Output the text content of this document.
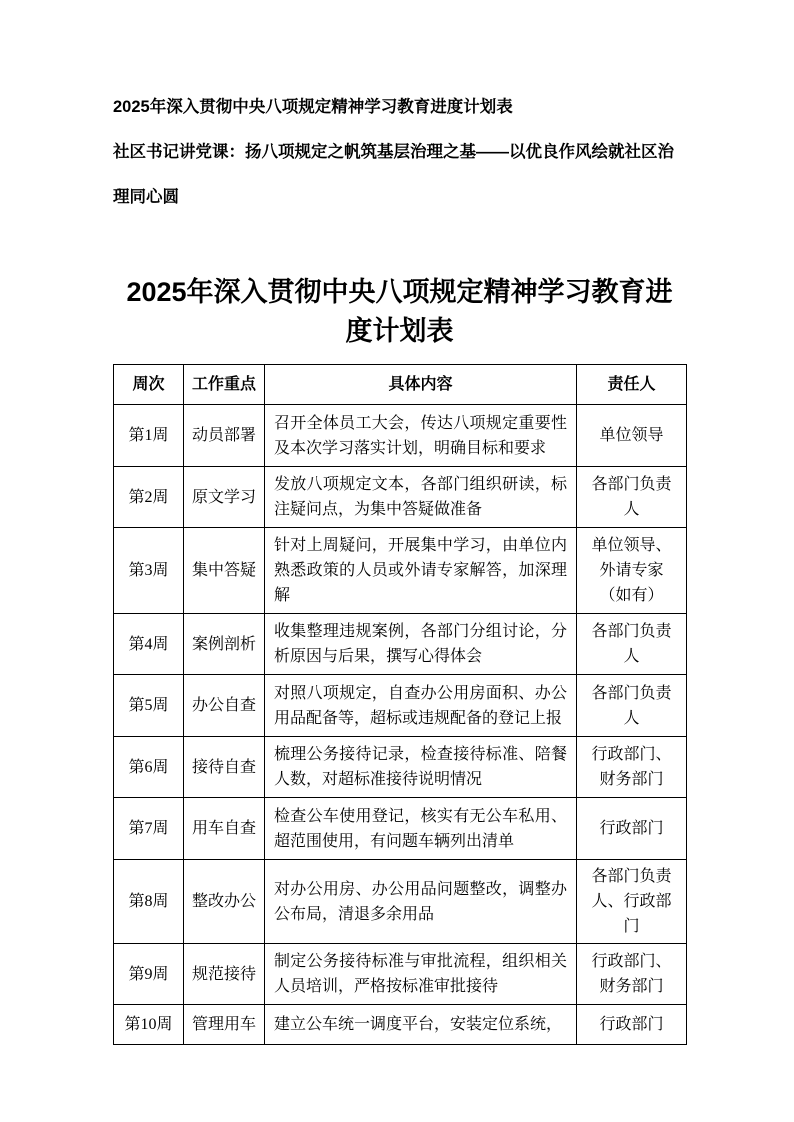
2025年深入贯彻中央八项规定精神学习教育进度计划表

社区书记讲党课：扬八项规定之帆筑基层治理之基——以优良作风绘就社区治理同心圆

2025年深入贯彻中央八项规定精神学习教育进度计划表
周次	工作重点	具体内容	责任人
第1周	动员部署	召开全体员工大会，传达八项规定重要性及本次学习落实计划，明确目标和要求	单位领导
第2周	原文学习	发放八项规定文本，各部门组织研读，标注疑问点，为集中答疑做准备	各部门负责人
第3周	集中答疑	针对上周疑问，开展集中学习，由单位内熟悉政策的人员或外请专家解答，加深理解	单位领导、外请专家（如有）
第4周	案例剖析	收集整理违规案例，各部门分组讨论，分析原因与后果，撰写心得体会	各部门负责人
第5周	办公自查	对照八项规定，自查办公用房面积、办公用品配备等，超标或违规配备的登记上报	各部门负责人
第6周	接待自查	梳理公务接待记录，检查接待标准、陪餐人数，对超标准接待说明情况	行政部门、财务部门
第7周	用车自查	检查公车使用登记，核实有无公车私用、超范围使用，有问题车辆列出清单	行政部门
第8周	整改办公	对办公用房、办公用品问题整改，调整办公布局，清退多余用品	各部门负责人、行政部门
第9周	规范接待	制定公务接待标准与审批流程，组织相关人员培训，严格按标准审批接待	行政部门、财务部门
第10周	管理用车	建立公车统一调度平台，安装定位系统，	行政部门
